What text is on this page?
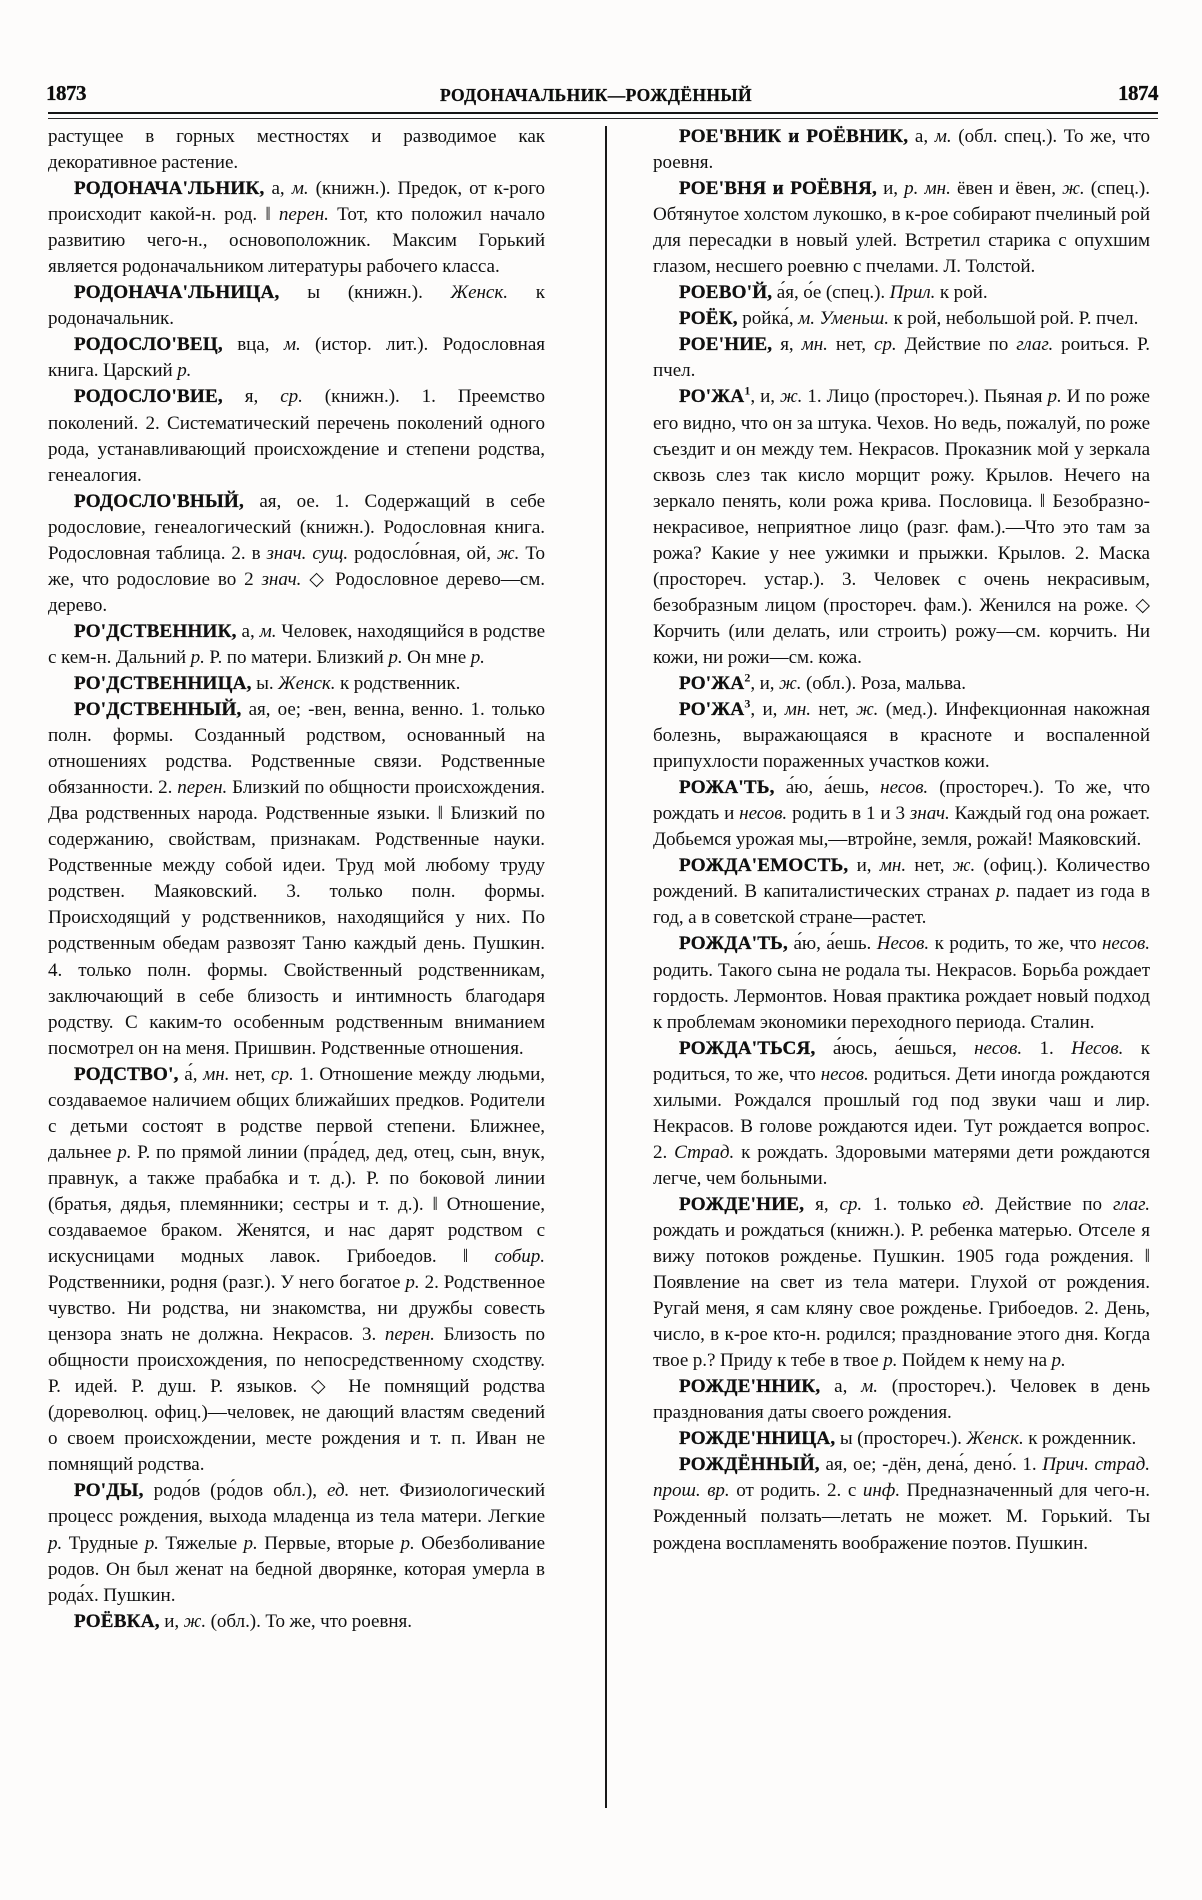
1873	РОДОНАЧАЛЬНИК—РОЖДЁННЫЙ	1874

растущее в горных местностях и разводимое как декоративное растение.

РОДОНАЧА'ЛЬНИК, а, м. (книжн.). Предок, от к-рого происходит какой-н. род. ‖ перен. Тот, кто положил начало развитию чего-н., основоположник. Максим Горький является родоначальником литературы рабочего класса.

РОДОНАЧА'ЛЬНИЦА, ы (книжн.). Женск. к родоначальник.

РОДОСЛО'ВЕЦ, вца, м. (истор. лит.). Родословная книга. Царский р.

РОДОСЛО'ВИЕ, я, ср. (книжн.). 1. Преемство поколений. 2. Систематический перечень поколений одного рода, устанавливающий происхождение и степени родства, генеалогия.

РОДОСЛО'ВНЫЙ, ая, ое. 1. Содержащий в себе родословие, генеалогический (книжн.). Родословная книга. Родословная таблица. 2. в знач. сущ. родосло́вная, ой, ж. То же, что родословие во 2 знач. ◇ Родословное дерево—см. дерево.

РО'ДСТВЕННИК, а, м. Человек, находящийся в родстве с кем-н. Дальний р. Р. по матери. Близкий р. Он мне р.

РО'ДСТВЕННИЦА, ы. Женск. к родственник.

РО'ДСТВЕННЫЙ, ая, ое; -вен, венна, венно. 1. только полн. формы. Созданный родством, основанный на отношениях родства. Родственные связи. Родственные обязанности. 2. перен. Близкий по общности происхождения. Два родственных народа. Родственные языки. ‖ Близкий по содержанию, свойствам, признакам. Родственные науки. Родственные между собой идеи. Труд мой любому труду родствен. Маяковский. 3. только полн. формы. Происходящий у родственников, находящийся у них. По родственным обедам развозят Таню каждый день. Пушкин. 4. только полн. формы. Свойственный родственникам, заключающий в себе близость и интимность благодаря родству. С каким-то особенным родственным вниманием посмотрел он на меня. Пришвин. Родственные отношения.

РОДСТВО', а́, мн. нет, ср. 1. Отношение между людьми, создаваемое наличием общих ближайших предков. Родители с детьми состоят в родстве первой степени. Ближнее, дальнее р. Р. по прямой линии (пра́дед, дед, отец, сын, внук, правнук, а также прабабка и т. д.). Р. по боковой линии (братья, дядья, племянники; сестры и т. д.). ‖ Отношение, создаваемое браком. Женятся, и нас дарят родством с искусницами модных лавок. Грибоедов. ‖ собир. Родственники, родня (разг.). У него богатое р. 2. Родственное чувство. Ни родства, ни знакомства, ни дружбы совесть цензора знать не должна. Некрасов. 3. перен. Близость по общности происхождения, по непосредственному сходству. Р. идей. Р. душ. Р. языков. ◇ Не помнящий родства (дореволюц. офиц.)—человек, не дающий властям сведений о своем происхождении, месте рождения и т. п. Иван не помнящий родства.

РО'ДЫ, родо́в (ро́дов обл.), ед. нет. Физиологический процесс рождения, выхода младенца из тела матери. Легкие р. Трудные р. Тяжелые р. Первые, вторые р. Обезболивание родов. Он был женат на бедной дворянке, которая умерла в рода́х. Пушкин.

РОЁВКА, и, ж. (обл.). То же, что роевня.

РОЕ'ВНИК и РОЁВНИК, а, м. (обл. спец.). То же, что роевня.

РОЕ'ВНЯ и РОЁВНЯ, и, р. мн. ёвен и ёвен, ж. (спец.). Обтянутое холстом лукошко, в к-рое собирают пчелиный рой для пересадки в новый улей. Встретил старика с опухшим глазом, несшего роевню с пчелами. Л. Толстой.

РОЕВО'Й, а́я, о́е (спец.). Прил. к рой.

РОЁК, ройка́, м. Уменьш. к рой, небольшой рой. Р. пчел.

РОЕ'НИЕ, я, мн. нет, ср. Действие по глаг. роиться. Р. пчел.

$РО'ЖА^1$, и, ж. 1. Лицо (простореч.). Пьяная р. И по роже его видно, что он за штука. Чехов. Но ведь, пожалуй, по роже съездит и он между тем. Некрасов. Проказник мой у зеркала сквозь слез так кисло морщит рожу. Крылов. Нечего на зеркало пенять, коли рожа крива. Пословица. ‖ Безобразно-некрасивое, неприятное лицо (разг. фам.).—Что это там за рожа? Какие у нее ужимки и прыжки. Крылов. 2. Маска (простореч. устар.). 3. Человек с очень некрасивым, безобразным лицом (простореч. фам.). Женился на роже. ◇ Корчить (или делать, или строить) рожу—см. корчить. Ни кожи, ни рожи—см. кожа.

$РО'ЖА^2$, и, ж. (обл.). Роза, мальва.

$РО'ЖА^3$, и, мн. нет, ж. (мед.). Инфекционная накожная болезнь, выражающаяся в красноте и воспаленной припухлости пораженных участков кожи.

РОЖА'ТЬ, а́ю, а́ешь, несов. (простореч.). То же, что рождать и несов. родить в 1 и 3 знач. Каждый год она рожает. Добьемся урожая мы,—втройне, земля, рожай! Маяковский.

РОЖДА'ЕМОСТЬ, и, мн. нет, ж. (офиц.). Количество рождений. В капиталистических странах р. падает из года в год, а в советской стране—растет.

РОЖДА'ТЬ, а́ю, а́ешь. Несов. к родить, то же, что несов. родить. Такого сына не родала ты. Некрасов. Борьба рождает гордость. Лермонтов. Новая практика рождает новый подход к проблемам экономики переходного периода. Сталин.

РОЖДА'ТЬСЯ, а́юсь, а́ешься, несов. 1. Несов. к родиться, то же, что несов. родиться. Дети иногда рождаются хилыми. Рождался прошлый год под звуки чаш и лир. Некрасов. В голове рождаются идеи. Тут рождается вопрос. 2. Страд. к рождать. Здоровыми матерями дети рождаются легче, чем больными.

РОЖДЕ'НИЕ, я, ср. 1. только ед. Действие по глаг. рождать и рождаться (книжн.). Р. ребенка матерью. Отселе я вижу потоков рожденье. Пушкин. 1905 года рождения. ‖ Появление на свет из тела матери. Глухой от рождения. Ругай меня, я сам кляну свое рожденье. Грибоедов. 2. День, число, в к-рое кто-н. родился; празднование этого дня. Когда твое р.? Приду к тебе в твое р. Пойдем к нему на р.

РОЖДЕ'ННИК, а, м. (простореч.). Человек в день празднования даты своего рождения.

РОЖДЕ'ННИЦА, ы (простореч.). Женск. к рожденник.

РОЖДЁННЫЙ, ая, ое; -дён, дена́, дено́. 1. Прич. страд. прош. вр. от родить. 2. с инф. Предназначенный для чего-н. Рожденный ползать—летать не может. М. Горький. Ты рождена воспламенять воображение поэтов. Пушкин.
